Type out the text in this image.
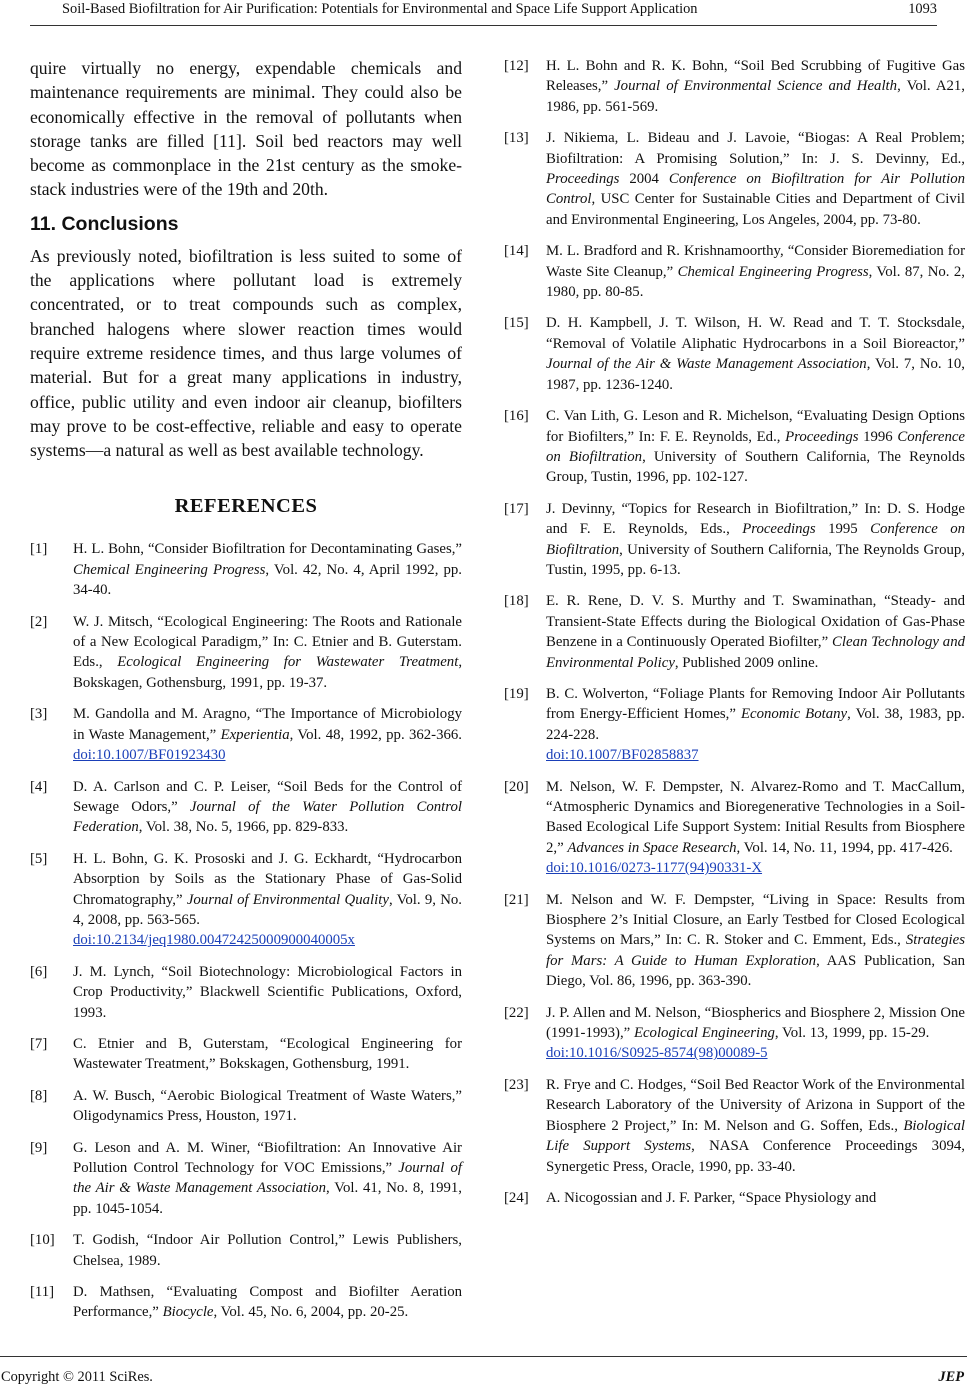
Soil-Based Biofiltration for Air Purification: Potentials for Environmental and Space Life Support Application	1093

quire virtually no energy, expendable chemicals and maintenance requirements are minimal. They could also be economically effective in the removal of pollutants when storage tanks are filled [11]. Soil bed reactors may well become as commonplace in the 21st century as the smoke-stack industries were of the 19th and 20th.

11. Conclusions

As previously noted, biofiltration is less suited to some of the applications where pollutant load is extremely concentrated, or to treat compounds such as complex, branched halogens where slower reaction times would require extreme residence times, and thus large volumes of material. But for a great many applications in industry, office, public utility and even indoor air cleanup, biofilters may prove to be cost-effective, reliable and easy to operate systems—a natural as well as best available technology.

REFERENCES
[1] H. L. Bohn, “Consider Biofiltration for Decontaminating Gases,” Chemical Engineering Progress, Vol. 42, No. 4, April 1992, pp. 34-40.
[2] W. J. Mitsch, “Ecological Engineering: The Roots and Rationale of a New Ecological Paradigm,” In: C. Etnier and B. Guterstam. Eds., Ecological Engineering for Wastewater Treatment, Bokskagen, Gothensburg, 1991, pp. 19-37.
[3] M. Gandolla and M. Aragno, “The Importance of Microbiology in Waste Management,” Experientia, Vol. 48, 1992, pp. 362-366. doi:10.1007/BF01923430
[4] D. A. Carlson and C. P. Leiser, “Soil Beds for the Control of Sewage Odors,” Journal of the Water Pollution Control Federation, Vol. 38, No. 5, 1966, pp. 829-833.
[5] H. L. Bohn, G. K. Prososki and J. G. Eckhardt, “Hydrocarbon Absorption by Soils as the Stationary Phase of Gas-Solid Chromatography,” Journal of Environmental Quality, Vol. 9, No. 4, 2008, pp. 563-565.
doi:10.2134/jeq1980.00472425000900040005x
[6] J. M. Lynch, “Soil Biotechnology: Microbiological Factors in Crop Productivity,” Blackwell Scientific Publications, Oxford, 1993.
[7] C. Etnier and B, Guterstam, “Ecological Engineering for Wastewater Treatment,” Bokskagen, Gothensburg, 1991.
[8] A. W. Busch, “Aerobic Biological Treatment of Waste Waters,” Oligodynamics Press, Houston, 1971.
[9] G. Leson and A. M. Winer, “Biofiltration: An Innovative Air Pollution Control Technology for VOC Emissions,” Journal of the Air & Waste Management Association, Vol. 41, No. 8, 1991, pp. 1045-1054.
[10] T. Godish, “Indoor Air Pollution Control,” Lewis Publishers, Chelsea, 1989.
[11] D. Mathsen, “Evaluating Compost and Biofilter Aeration Performance,” Biocycle, Vol. 45, No. 6, 2004, pp. 20-25.
[12] H. L. Bohn and R. K. Bohn, “Soil Bed Scrubbing of Fugitive Gas Releases,” Journal of Environmental Science and Health, Vol. A21, 1986, pp. 561-569.
[13] J. Nikiema, L. Bideau and J. Lavoie, “Biogas: A Real Problem; Biofiltration: A Promising Solution,” In: J. S. Devinny, Ed., Proceedings 2004 Conference on Biofiltration for Air Pollution Control, USC Center for Sustainable Cities and Department of Civil and Environmental Engineering, Los Angeles, 2004, pp. 73-80.
[14] M. L. Bradford and R. Krishnamoorthy, “Consider Bioremediation for Waste Site Cleanup,” Chemical Engineering Progress, Vol. 87, No. 2, 1980, pp. 80-85.
[15] D. H. Kampbell, J. T. Wilson, H. W. Read and T. T. Stocksdale, “Removal of Volatile Aliphatic Hydrocarbons in a Soil Bioreactor,” Journal of the Air & Waste Management Association, Vol. 7, No. 10, 1987, pp. 1236-1240.
[16] C. Van Lith, G. Leson and R. Michelson, “Evaluating Design Options for Biofilters,” In: F. E. Reynolds, Ed., Proceedings 1996 Conference on Biofiltration, University of Southern California, The Reynolds Group, Tustin, 1996, pp. 102-127.
[17] J. Devinny, “Topics for Research in Biofiltration,” In: D. S. Hodge and F. E. Reynolds, Eds., Proceedings 1995 Conference on Biofiltration, University of Southern California, The Reynolds Group, Tustin, 1995, pp. 6-13.
[18] E. R. Rene, D. V. S. Murthy and T. Swaminathan, “Steady- and Transient-State Effects during the Biological Oxidation of Gas-Phase Benzene in a Continuously Operated Biofilter,” Clean Technology and Environmental Policy, Published 2009 online.
[19] B. C. Wolverton, “Foliage Plants for Removing Indoor Air Pollutants from Energy-Efficient Homes,” Economic Botany, Vol. 38, 1983, pp. 224-228.
doi:10.1007/BF02858837
[20] M. Nelson, W. F. Dempster, N. Alvarez-Romo and T. MacCallum, “Atmospheric Dynamics and Bioregenerative Technologies in a Soil-Based Ecological Life Support System: Initial Results from Biosphere 2,” Advances in Space Research, Vol. 14, No. 11, 1994, pp. 417-426.
doi:10.1016/0273-1177(94)90331-X
[21] M. Nelson and W. F. Dempster, “Living in Space: Results from Biosphere 2’s Initial Closure, an Early Testbed for Closed Ecological Systems on Mars,” In: C. R. Stoker and C. Emment, Eds., Strategies for Mars: A Guide to Human Exploration, AAS Publication, San Diego, Vol. 86, 1996, pp. 363-390.
[22] J. P. Allen and M. Nelson, “Biospherics and Biosphere 2, Mission One (1991-1993),” Ecological Engineering, Vol. 13, 1999, pp. 15-29.
doi:10.1016/S0925-8574(98)00089-5
[23] R. Frye and C. Hodges, “Soil Bed Reactor Work of the Environmental Research Laboratory of the University of Arizona in Support of the Biosphere 2 Project,” In: M. Nelson and G. Soffen, Eds., Biological Life Support Systems, NASA Conference Proceedings 3094, Synergetic Press, Oracle, 1990, pp. 33-40.
[24] A. Nicogossian and J. F. Parker, “Space Physiology and
Copyright © 2011 SciRes.	JEP
